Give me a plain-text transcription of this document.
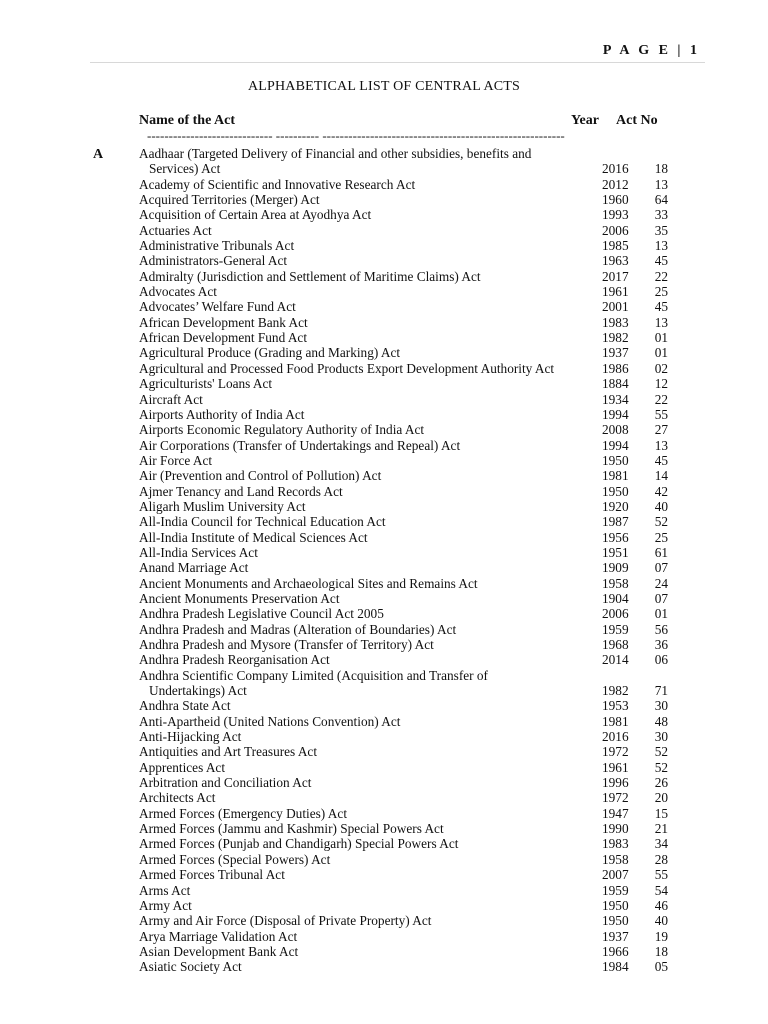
P A G E | 1
ALPHABETICAL LIST OF CENTRAL ACTS
Name of the Act	Year Act No
----------------------------- ---------- --------------------------------------------------------
A	Aadhaar (Targeted Delivery of Financial and other subsidies, benefits and
Services) Act	2016	18
Academy of Scientific and Innovative Research Act	2012	13
Acquired Territories (Merger) Act	1960	64
Acquisition of Certain Area at Ayodhya Act	1993	33
Actuaries Act	2006	35
Administrative Tribunals Act	1985	13
Administrators-General Act	1963	45
Admiralty (Jurisdiction and Settlement of Maritime Claims) Act	2017	22
Advocates Act	1961	25
Advocates’ Welfare Fund Act	2001	45
African Development Bank Act	1983	13
African Development Fund Act	1982	01
Agricultural Produce (Grading and Marking) Act	1937	01
Agricultural and Processed Food Products Export Development Authority Act	1986	02
Agriculturists' Loans Act	1884	12
Aircraft Act	1934	22
Airports Authority of India Act	1994	55
Airports Economic Regulatory Authority of India Act	2008	27
Air Corporations (Transfer of Undertakings and Repeal) Act	1994	13
Air Force Act	1950	45
Air (Prevention and Control of Pollution) Act	1981	14
Ajmer Tenancy and Land Records Act	1950	42
Aligarh Muslim University Act	1920	40
All-India Council for Technical Education Act	1987	52
All-India Institute of Medical Sciences Act	1956	25
All-India Services Act	1951	61
Anand Marriage Act	1909	07
Ancient Monuments and Archaeological Sites and Remains Act	1958	24
Ancient Monuments Preservation Act	1904	07
Andhra Pradesh Legislative Council Act 2005	2006	01
Andhra Pradesh and Madras (Alteration of Boundaries) Act	1959	56
Andhra Pradesh and Mysore (Transfer of Territory) Act	1968	36
Andhra Pradesh Reorganisation Act	2014	06
Andhra Scientific Company Limited (Acquisition and Transfer of
Undertakings) Act	1982	71
Andhra State Act	1953	30
Anti-Apartheid (United Nations Convention) Act	1981	48
Anti-Hijacking Act	2016	30
Antiquities and Art Treasures Act	1972	52
Apprentices Act	1961	52
Arbitration and Conciliation Act	1996	26
Architects Act	1972	20
Armed Forces (Emergency Duties) Act	1947	15
Armed Forces (Jammu and Kashmir) Special Powers Act	1990	21
Armed Forces (Punjab and Chandigarh) Special Powers Act	1983	34
Armed Forces (Special Powers) Act	1958	28
Armed Forces Tribunal Act	2007	55
Arms Act	1959	54
Army Act	1950	46
Army and Air Force (Disposal of Private Property) Act	1950	40
Arya Marriage Validation Act	1937	19
Asian Development Bank Act	1966	18
Asiatic Society Act	1984	05
